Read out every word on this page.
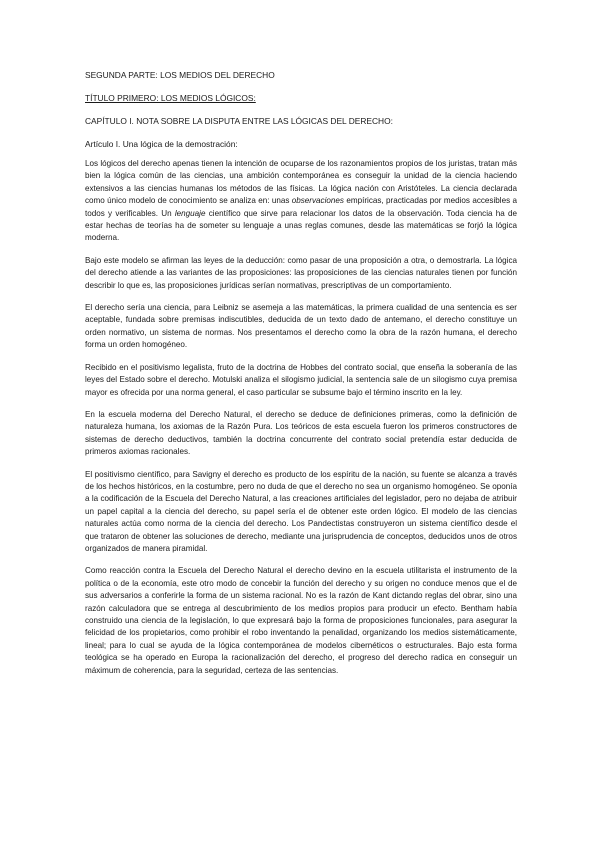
SEGUNDA PARTE: LOS MEDIOS DEL DERECHO
TÍTULO PRIMERO: LOS MEDIOS LÓGICOS:
CAPÍTULO I. NOTA SOBRE LA DISPUTA ENTRE LAS LÓGICAS DEL DERECHO:
Artículo I. Una lógica de la demostración:

Los lógicos del derecho apenas tienen la intención de ocuparse de los razonamientos propios de los juristas, tratan más bien la lógica común de las ciencias, una ambición contemporánea es conseguir la unidad de la ciencia haciendo extensivos a las ciencias humanas los métodos de las físicas. La lógica nación con Aristóteles. La ciencia declarada como único modelo de conocimiento se analiza en: unas observaciones empíricas, practicadas por medios accesibles a todos y verificables. Un lenguaje científico que sirve para relacionar los datos de la observación. Toda ciencia ha de estar hechas de teorías ha de someter su lenguaje a unas reglas comunes, desde las matemáticas se forjó la lógica moderna.

Bajo este modelo se afirman las leyes de la deducción: como pasar de una proposición a otra, o demostrarla. La lógica del derecho atiende a las variantes de las proposiciones: las proposiciones de las ciencias naturales tienen por función describir lo que es, las proposiciones jurídicas serían normativas, prescriptivas de un comportamiento.

El derecho sería una ciencia, para Leibniz se asemeja a las matemáticas, la primera cualidad de una sentencia es ser aceptable, fundada sobre premisas indiscutibles, deducida de un texto dado de antemano, el derecho constituye un orden normativo, un sistema de normas. Nos presentamos el derecho como la obra de la razón humana, el derecho forma un orden homogéneo.

Recibido en el positivismo legalista, fruto de la doctrina de Hobbes del contrato social, que enseña la soberanía de las leyes del Estado sobre el derecho. Motulski analiza el silogismo judicial, la sentencia sale de un silogismo cuya premisa mayor es ofrecida por una norma general, el caso particular se subsume bajo el término inscrito en la ley.

En la escuela moderna del Derecho Natural, el derecho se deduce de definiciones primeras, como la definición de naturaleza humana, los axiomas de la Razón Pura. Los teóricos de esta escuela fueron los primeros constructores de sistemas de derecho deductivos, también la doctrina concurrente del contrato social pretendía estar deducida de primeros axiomas racionales.

El positivismo científico, para Savigny el derecho es producto de los espíritu de la nación, su fuente se alcanza a través de los hechos históricos, en la costumbre, pero no duda de que el derecho no sea un organismo homogéneo. Se oponía a la codificación de la Escuela del Derecho Natural, a las creaciones artificiales del legislador, pero no dejaba de atribuir un papel capital a la ciencia del derecho, su papel sería el de obtener este orden lógico. El modelo de las ciencias naturales actúa como norma de la ciencia del derecho. Los Pandectistas construyeron un sistema científico desde el que trataron de obtener las soluciones de derecho, mediante una jurisprudencia de conceptos, deducidos unos de otros organizados de manera piramidal.

Como reacción contra la Escuela del Derecho Natural el derecho devino en la escuela utilitarista el instrumento de la política o de la economía, este otro modo de concebir la función del derecho y su origen no conduce menos que el de sus adversarios a conferirle la forma de un sistema racional. No es la razón de Kant dictando reglas del obrar, sino una razón calculadora que se entrega al descubrimiento de los medios propios para producir un efecto. Bentham había construido una ciencia de la legislación, lo que expresará bajo la forma de proposiciones funcionales, para asegurar la felicidad de los propietarios, como prohibir el robo inventando la penalidad, organizando los medios sistemáticamente, lineal; para lo cual se ayuda de la lógica contemporánea de modelos cibernéticos o estructurales. Bajo esta forma teológica se ha operado en Europa la racionalización del derecho, el progreso del derecho radica en conseguir un máximum de coherencia, para la seguridad, certeza de las sentencias.
